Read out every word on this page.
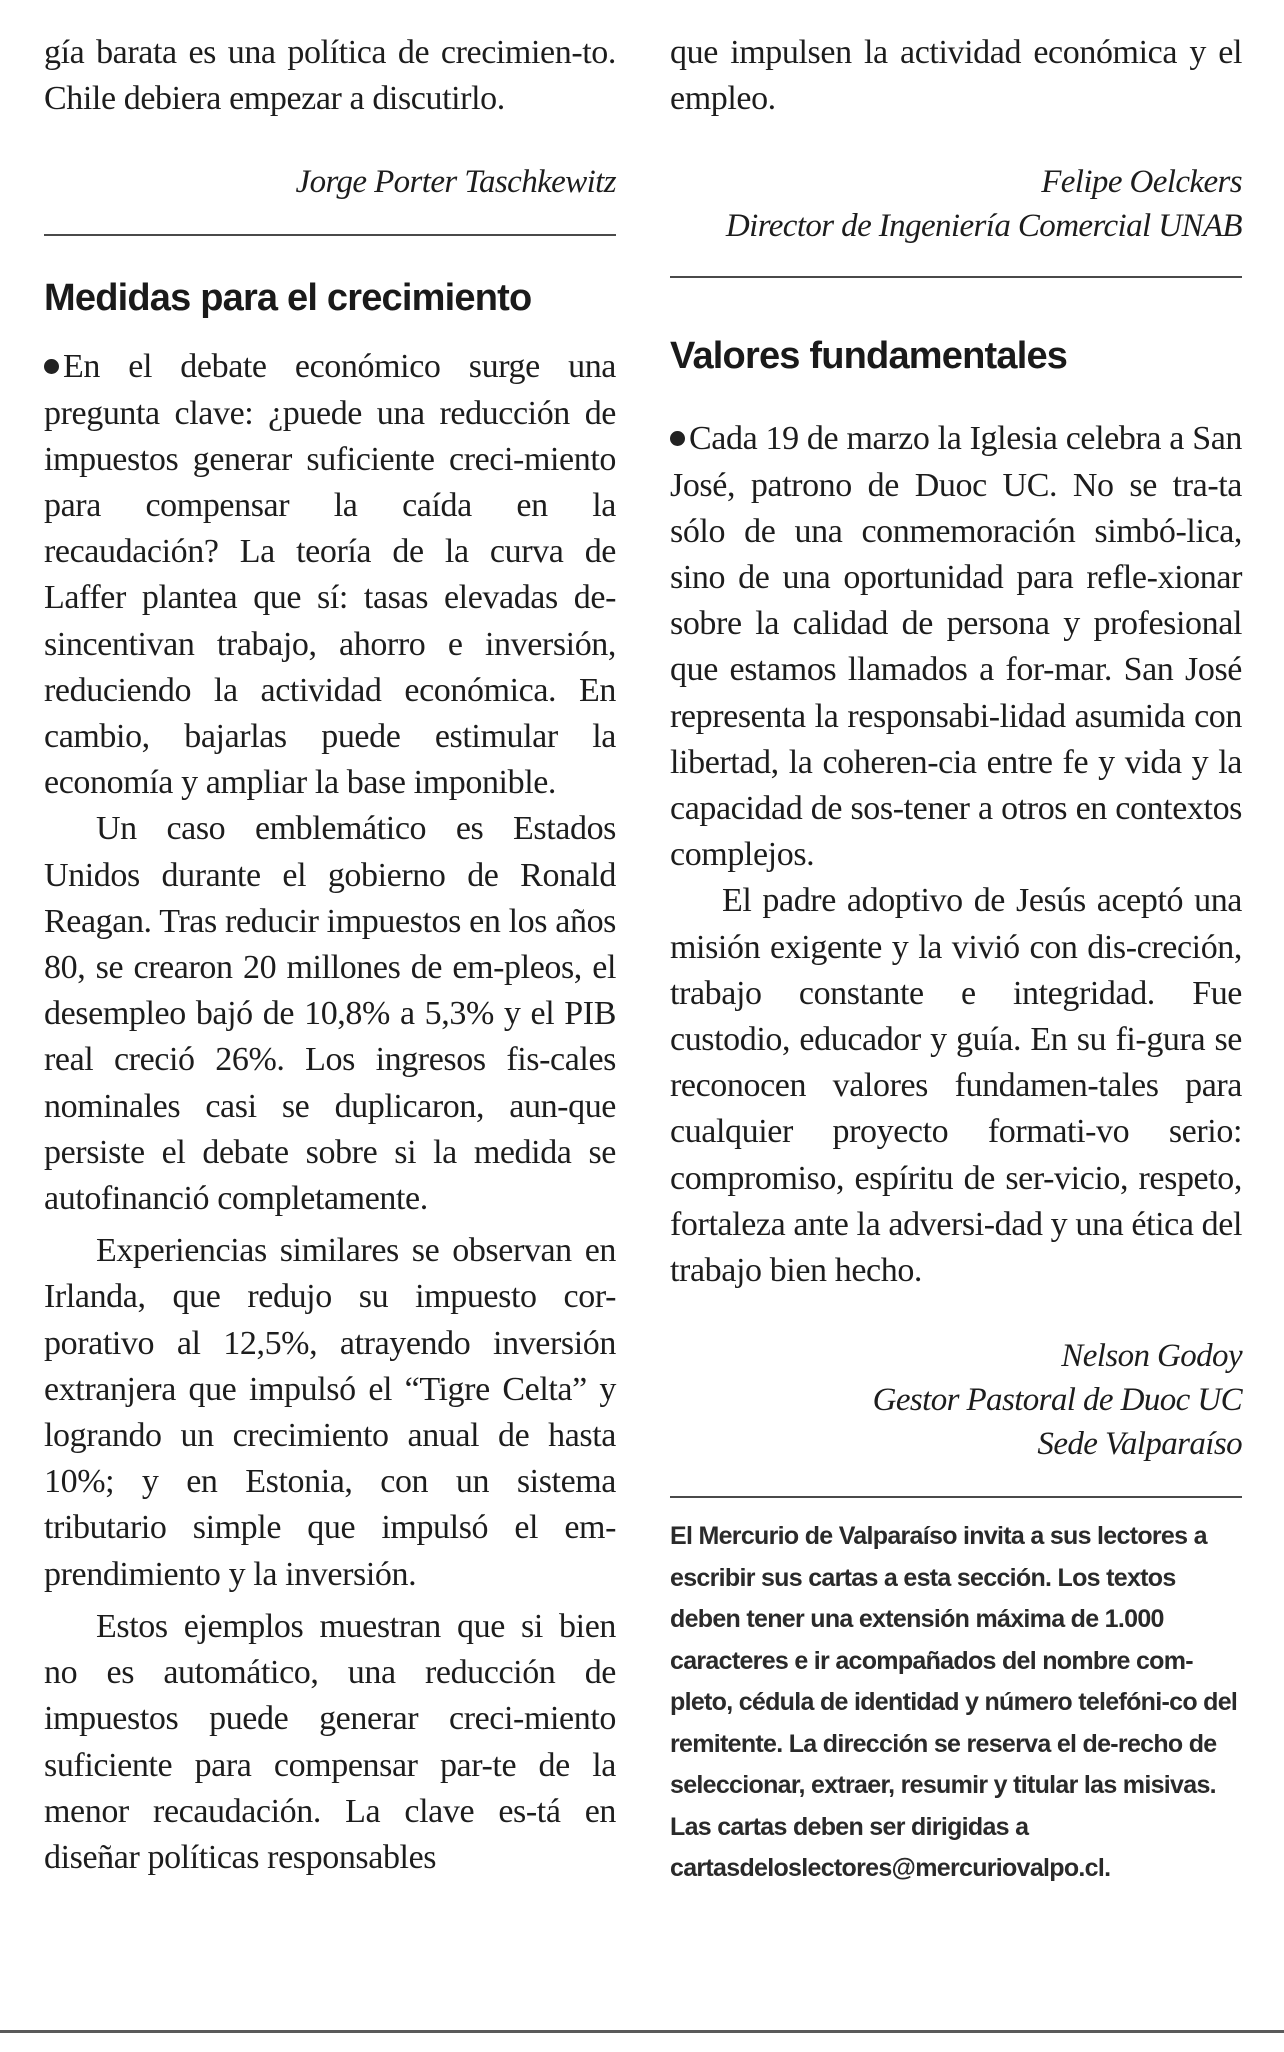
gía barata es una política de crecimien-to. Chile debiera empezar a discutirlo.

Jorge Porter Taschkewitz

Medidas para el crecimiento

En el debate económico surge una pregunta clave: ¿puede una reducción de impuestos generar suficiente creci-miento para compensar la caída en la recaudación? La teoría de la curva de Laffer plantea que sí: tasas elevadas de-sincentivan trabajo, ahorro e inversión, reduciendo la actividad económica. En cambio, bajarlas puede estimular la economía y ampliar la base imponible.

Un caso emblemático es Estados Unidos durante el gobierno de Ronald Reagan. Tras reducir impuestos en los años 80, se crearon 20 millones de em-pleos, el desempleo bajó de 10,8% a 5,3% y el PIB real creció 26%. Los ingresos fis-cales nominales casi se duplicaron, aun-que persiste el debate sobre si la medida se autofinanció completamente.

Experiencias similares se observan en Irlanda, que redujo su impuesto cor-porativo al 12,5%, atrayendo inversión extranjera que impulsó el “Tigre Celta” y logrando un crecimiento anual de hasta 10%; y en Estonia, con un sistema tributario simple que impulsó el em-prendimiento y la inversión.

Estos ejemplos muestran que si bien no es automático, una reducción de impuestos puede generar creci-miento suficiente para compensar par-te de la menor recaudación. La clave es-tá en diseñar políticas responsables

que impulsen la actividad económica y el empleo.

Felipe Oelckers

Director de Ingeniería Comercial UNAB

Valores fundamentales

Cada 19 de marzo la Iglesia celebra a San José, patrono de Duoc UC. No se tra-ta sólo de una conmemoración simbó-lica, sino de una oportunidad para refle-xionar sobre la calidad de persona y profesional que estamos llamados a for-mar. San José representa la responsabi-lidad asumida con libertad, la coheren-cia entre fe y vida y la capacidad de sos-tener a otros en contextos complejos.

El padre adoptivo de Jesús aceptó una misión exigente y la vivió con dis-creción, trabajo constante e integridad. Fue custodio, educador y guía. En su fi-gura se reconocen valores fundamen-tales para cualquier proyecto formati-vo serio: compromiso, espíritu de ser-vicio, respeto, fortaleza ante la adversi-dad y una ética del trabajo bien hecho.

Nelson Godoy

Gestor Pastoral de Duoc UC

Sede Valparaíso

El Mercurio de Valparaíso invita a sus lectores a escribir sus cartas a esta sección. Los textos deben tener una extensión máxima de 1.000 caracteres e ir acompañados del nombre com-pleto, cédula de identidad y número telefóni-co del remitente. La dirección se reserva el de-recho de seleccionar, extraer, resumir y titular las misivas. Las cartas deben ser dirigidas a cartasdeloslectores@mercuriovalpo.cl.
